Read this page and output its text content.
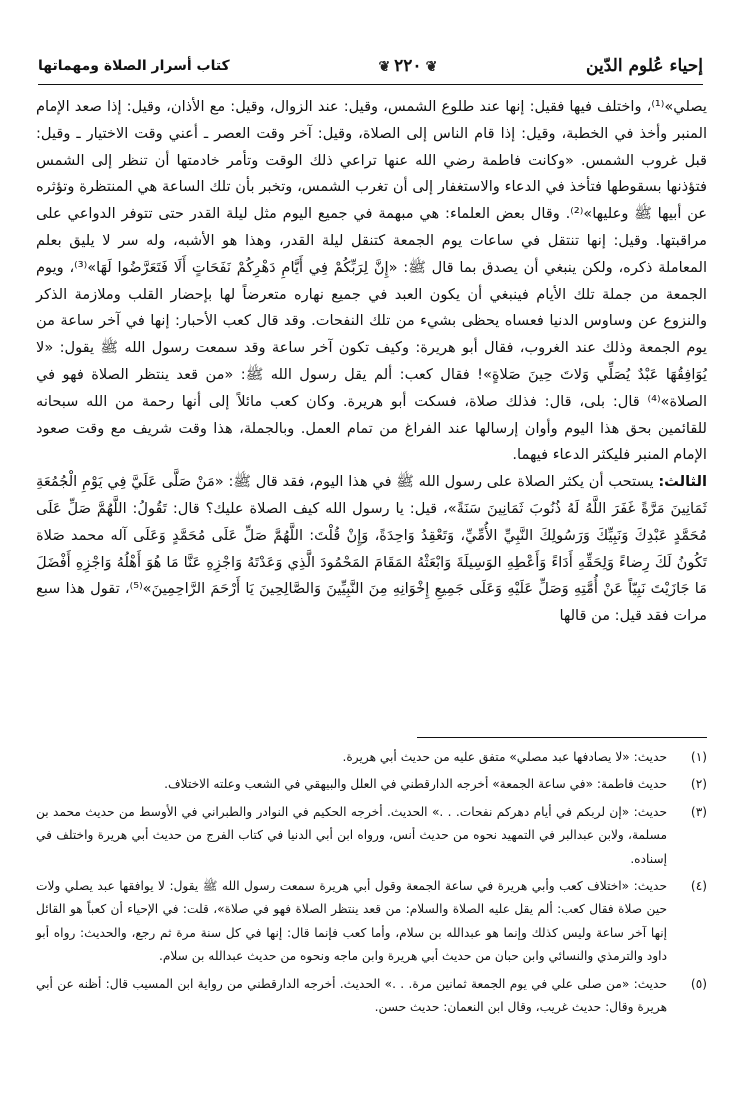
إحياء عُلوم الدّين
❦٢٢٠❦
كتاب أسرار الصلاة ومهماتها

يصلي»⁽¹⁾، واختلف فيها فقيل: إنها عند طلوع الشمس، وقيل: عند الزوال، وقيل: مع الأذان، وقيل: إذا صعد الإمام المنبر وأخذ في الخطبة، وقيل: إذا قام الناس إلى الصلاة، وقيل: آخر وقت العصر ـ أعني وقت الاختيار ـ وقيل: قبل غروب الشمس. «وكانت فاطمة رضي الله عنها تراعي ذلك الوقت وتأمر خادمتها أن تنظر إلى الشمس فتؤذنها بسقوطها فتأخذ في الدعاء والاستغفار إلى أن تغرب الشمس، وتخبر بأن تلك الساعة هي المنتظرة وتؤثره عن أبيها ﷺ وعليها»⁽²⁾. وقال بعض العلماء: هي مبهمة في جميع اليوم مثل ليلة القدر حتى تتوفر الدواعي على مراقبتها. وقيل: إنها تنتقل في ساعات يوم الجمعة كتنقل ليلة القدر، وهذا هو الأشبه، وله سر لا يليق بعلم المعاملة ذكره، ولكن ينبغي أن يصدق بما قال ﷺ: «إِنَّ لِرَبِّكُمْ فِي أَيَّامِ دَهْرِكُمْ نَفَحَاتٍ أَلَا فَتَعَرَّضُوا لَهَا»⁽³⁾، ويوم الجمعة من جملة تلك الأيام فينبغي أن يكون العبد في جميع نهاره متعرضاً لها بإحضار القلب وملازمة الذكر والنزوع عن وساوس الدنيا فعساه يحظى بشيء من تلك النفحات. وقد قال كعب الأحبار: إنها في آخر ساعة من يوم الجمعة وذلك عند الغروب، فقال أبو هريرة: وكيف تكون آخر ساعة وقد سمعت رسول الله ﷺ يقول: «لا يُوَافِقُهَا عَبْدٌ يُصَلِّي وَلاتَ حِينَ صَلاةٍ»! فقال كعب: ألم يقل رسول الله ﷺ: «من قعد ينتظر الصلاة فهو في الصلاة»⁽⁴⁾ قال: بلى، قال: فذلك صلاة، فسكت أبو هريرة. وكان كعب مائلاً إلى أنها رحمة من الله سبحانه للقائمين بحق هذا اليوم وأوان إرسالها عند الفراغ من تمام العمل. وبالجملة، هذا وقت شريف مع وقت صعود الإمام المنبر فليكثر الدعاء فيهما.

الثالث: يستحب أن يكثر الصلاة على رسول الله ﷺ في هذا اليوم، فقد قال ﷺ: «مَنْ صَلَّى عَلَيَّ فِي يَوْمِ الْجُمُعَةِ ثَمَانِينَ مَرَّةً غَفَرَ اللَّهُ لَهُ ذُنُوبَ ثَمَانِينَ سَنَةً»، قيل: يا رسول الله كيف الصلاة عليك؟ قال: تَقُولُ: اللَّهُمَّ صَلِّ عَلَى مُحَمَّدٍ عَبْدِكَ وَنَبِيِّكَ وَرَسُولِكَ النَّبِيِّ الأُمِّيِّ، وَتَعْقِدُ وَاحِدَةً، وَإِنْ قُلْتَ: اللَّهُمَّ صَلِّ عَلَى مُحَمَّدٍ وَعَلَى آله محمد صَلاة تَكُونُ لَكَ رِضاءً وَلِحَقِّهِ أَدَاءً وَأَعْطِهِ الوَسِيلَةَ وَابْعَثْهُ المَقَامَ المَحْمُودَ الَّذِي وَعَدْتَهُ وَاجْزِهِ عَنَّا مَا هُوَ أَهْلُهُ وَاجْزِهِ أَفْضَلَ مَا جَازَيْتَ نَبِيّاً عَنْ أُمَّتِهِ وَصَلِّ عَلَيْهِ وَعَلَى جَمِيعِ إِخْوَانِهِ مِنَ النَّبِيِّينَ وَالصَّالِحِينَ يَا أَرْحَمَ الرَّاحِمِينَ»⁽⁵⁾، تقول هذا سبع مرات فقد قيل: من قالها

(١)
حديث: «لا يصادفها عبد مصلي» متفق عليه من حديث أبي هريرة.
(٢)
حديث فاطمة: «في ساعة الجمعة» أخرجه الدارقطني في العلل والبيهقي في الشعب وعلته الاختلاف.
(٣)
حديث: «إن لربكم في أيام دهركم نفحات. . .» الحديث. أخرجه الحكيم في النوادر والطبراني في الأوسط من حديث محمد بن مسلمة، ولابن عبدالبر في التمهيد نحوه من حديث أنس، ورواه ابن أبي الدنيا في كتاب الفرج من حديث أبي هريرة واختلف في إسناده.
(٤)
حديث: «اختلاف كعب وأبي هريرة في ساعة الجمعة وقول أبي هريرة سمعت رسول الله ﷺ يقول: لا يوافقها عبد يصلي ولات حين صلاة فقال كعب: ألم يقل عليه الصلاة والسلام: من قعد ينتظر الصلاة فهو في صلاة»، قلت: في الإحياء أن كعباً هو القائل إنها آخر ساعة وليس كذلك وإنما هو عبدالله بن سلام، وأما كعب فإنما قال: إنها في كل سنة مرة ثم رجع، والحديث: رواه أبو داود والترمذي والنسائي وابن حبان من حديث أبي هريرة وابن ماجه ونحوه من حديث عبدالله بن سلام.
(٥)
حديث: «من صلى علي في يوم الجمعة ثمانين مرة. . .» الحديث. أخرجه الدارقطني من رواية ابن المسيب قال: أظنه عن أبي هريرة وقال: حديث غريب، وقال ابن النعمان: حديث حسن.
